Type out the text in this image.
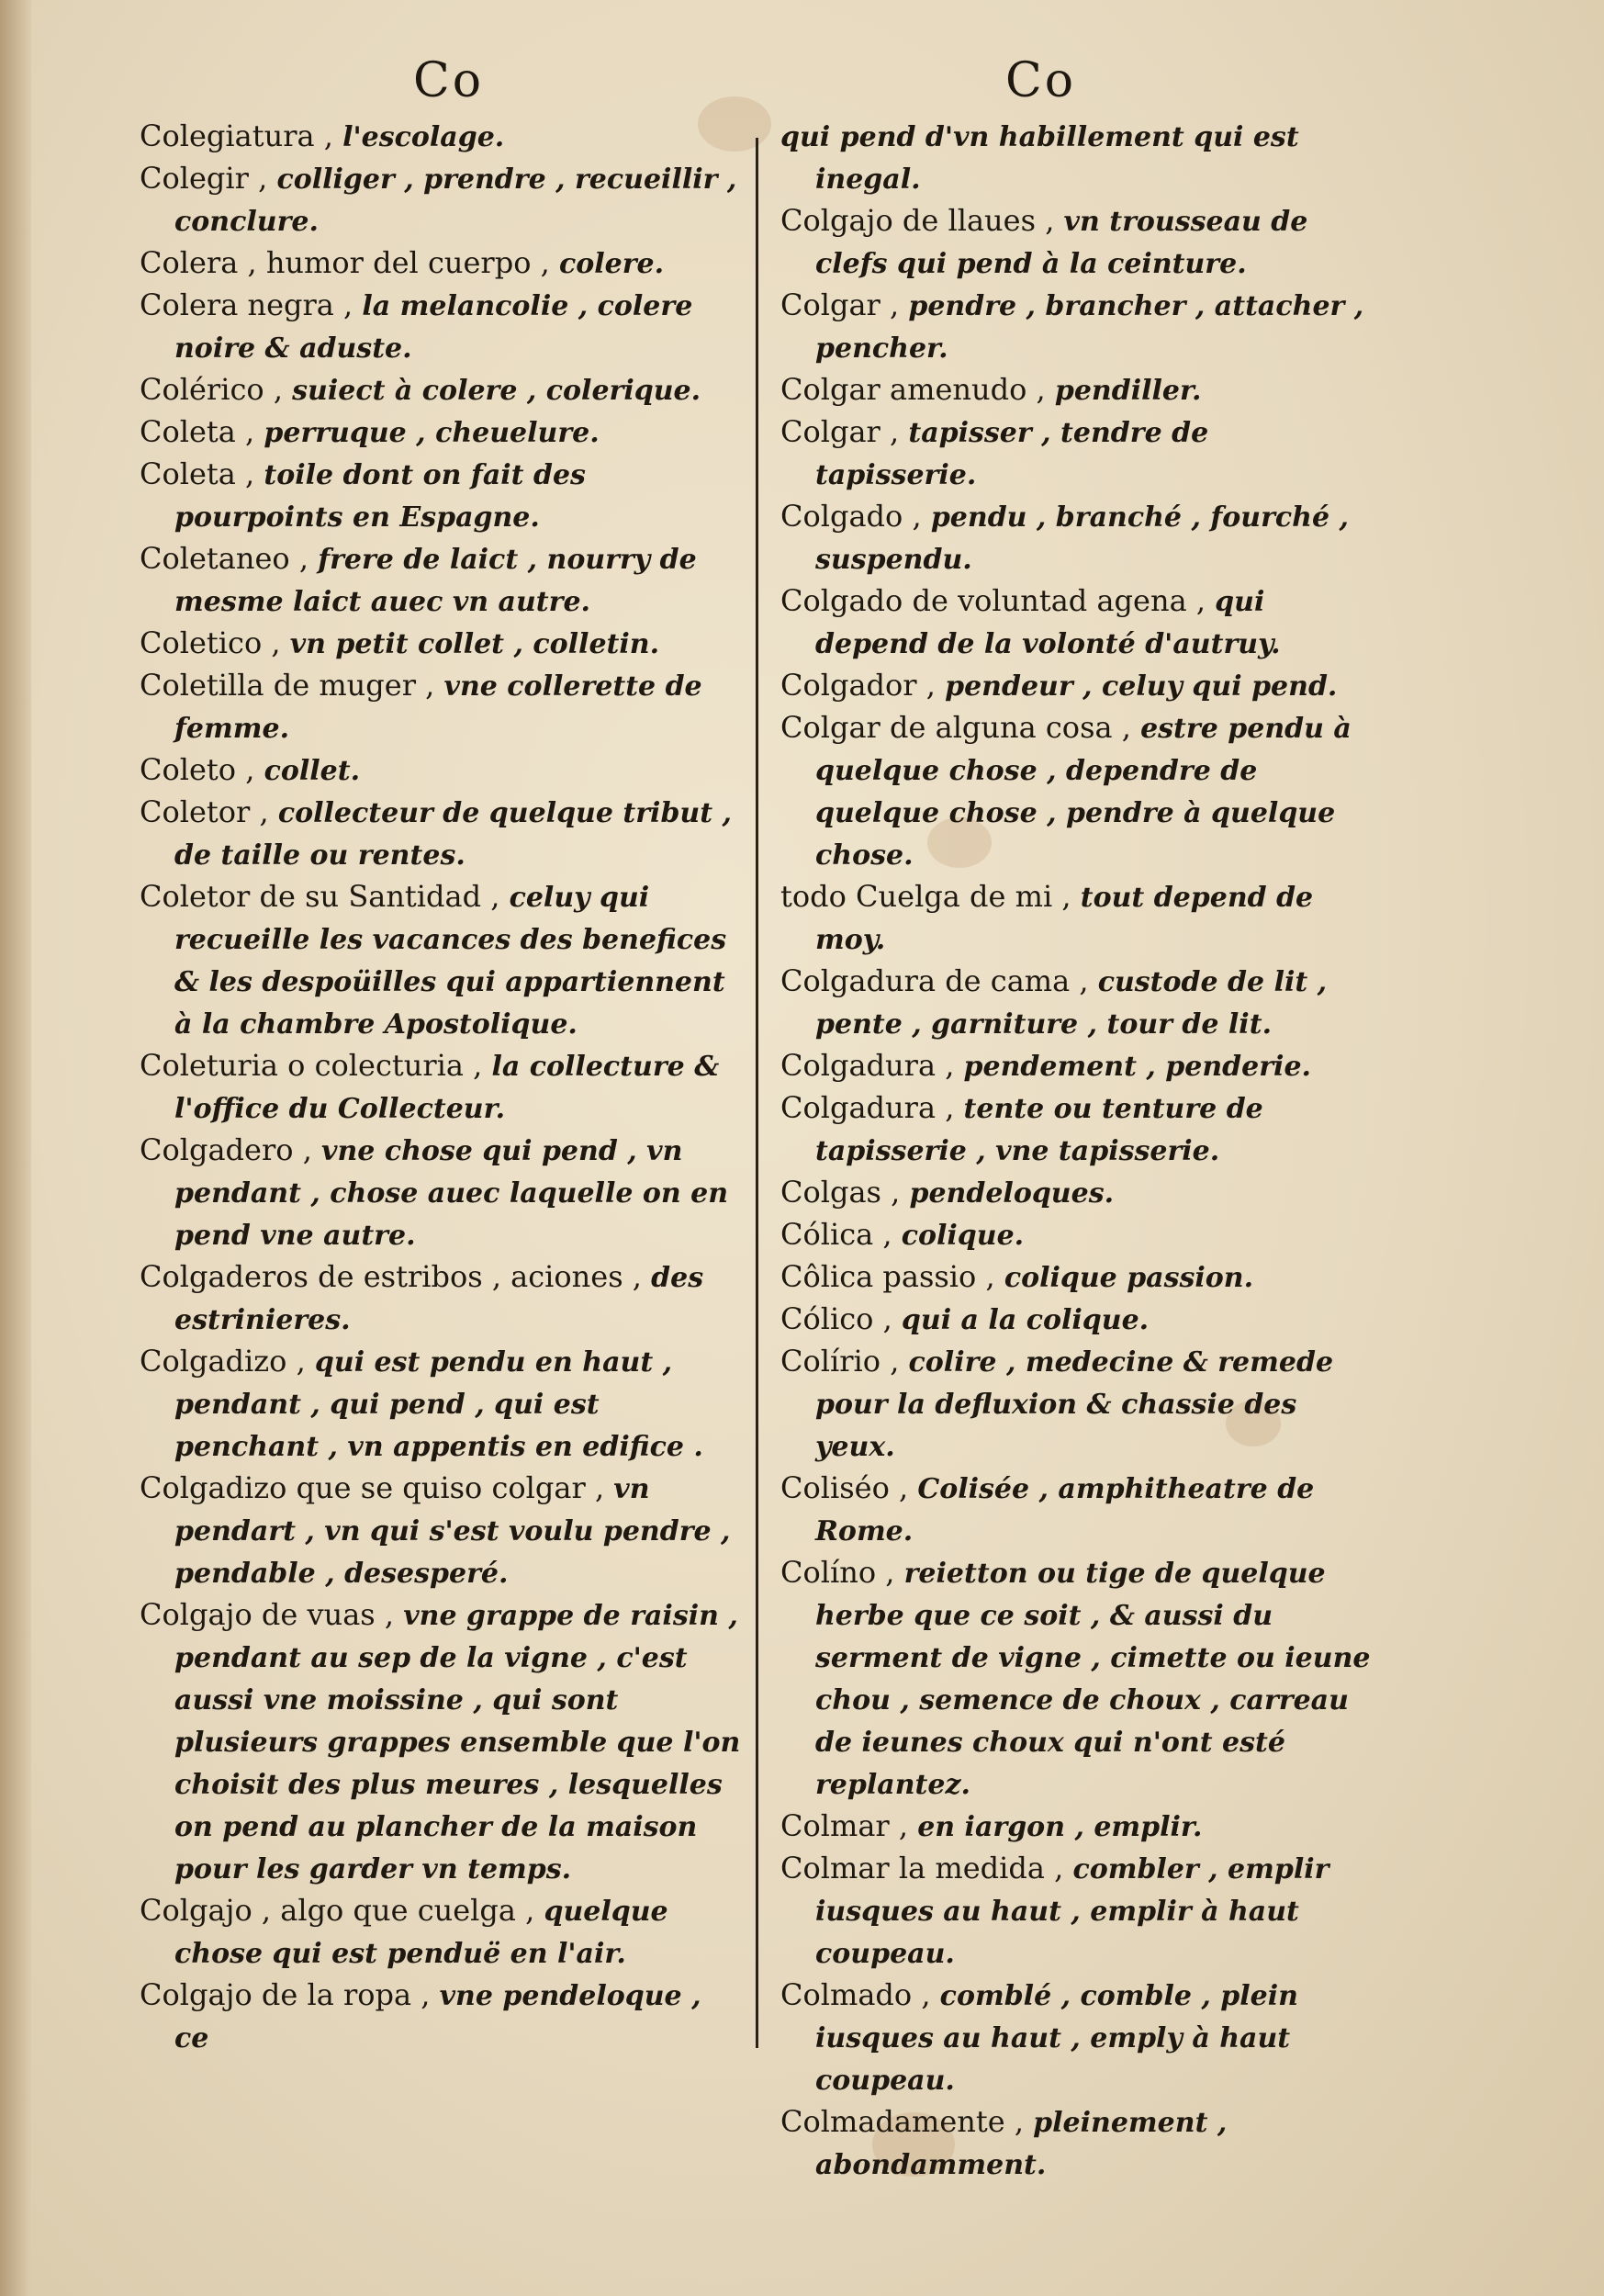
Co	Co

Colegiatura , l'escolage.

Colegir , colliger , prendre , recueillir , concl​ure.

Colera , humor del cuerpo , colere.

Colera negra , la melancolie , colere noire & aduste.

Colérico , suiect à colere , colerique.

Coleta , perruque , cheuelure.

Coleta , toile dont on fait des pourpoints en Espagne.

Coletaneo , frere de laict , nourry de mesme laict auec vn autre.

Coletico , vn petit collet , colletin.

Coletilla de muger , vne collerette de femme.

Coleto , collet.

Coletor , collecteur de quelque tribut , de taille ou rentes.

Coletor de su Santidad , celuy qui recueille les vacances des benefices & les despoüilles qui appartiennent à la chambre Apostolique.

Coleturia o colecturia , la collecture & l'office du Collecteur.

Colgadero , vne chose qui pend , vn pendant , chose auec laquelle on en pend vne autre.

Colgaderos de estribos , aciones , des estrinieres.

Colgadizo , qui est pendu en haut , pendant , qui pend , qui est penchant , vn appentis en edifice .

Colgadizo que se quiso colgar , vn pendart , vn qui s'est voulu pendre , pendable , desesperé.

Colgajo de vuas , vne grappe de raisin , pendant au sep de la vigne , c'est aussi vne moissine , qui sont plusieurs grappes ensemble que l'on choisit des plus meures , lesquelles on pend au plancher de la maison pour les garder vn temps.

Colgajo , algo que cuelga , quelque chose qui est penduë en l'air.

Colgajo de la ropa , vne pendeloque , ce

qui pend d'vn habillement qui est inegal.

Colgajo de llaues , vn trousseau de clefs qui pend à la ceinture.

Colgar , pendre , brancher , attacher , pencher.

Colgar amenudo , pendiller.

Colgar , tapisser , tendre de tapisserie.

Colgado , pendu , branché , fourché , suspendu.

Colgado de voluntad agena , qui depend de la volonté d'autruy.

Colgador , pendeur , celuy qui pend.

Colgar de alguna cosa , estre pendu à quelque chose , dependre de quelque chose , pendre à quelque chose.

todo Cuelga de mi , tout depend de moy.

Colgadura de cama , custode de lit , pente , garniture , tour de lit.

Colgadura , pendement , penderie.

Colgadura , tente ou tenture de tapisserie , vne tapisserie.

Colgas , pendeloques.

Cólica , colique.

Côlica passio , colique passion.

Cólico , qui a la colique.

Colírio , colire , medecine & remede pour la defluxion & chassie des yeux.

Coliséo , Colisée , amphitheatre de Rome.

Colíno , reietton ou tige de quelque herbe que ce soit , & aussi du serment de vigne , cimette ou ieune chou , semence de choux , carreau de ieunes choux qui n'ont esté replantez.

Colmar , en iargon , emplir.

Colmar la medida , combler , emplir iusques au haut , emplir à haut coupeau.

Colmado , comblé , comble , plein iusques au haut , emply à haut coupeau.

Colmadamente , pleinement , abondamment.
